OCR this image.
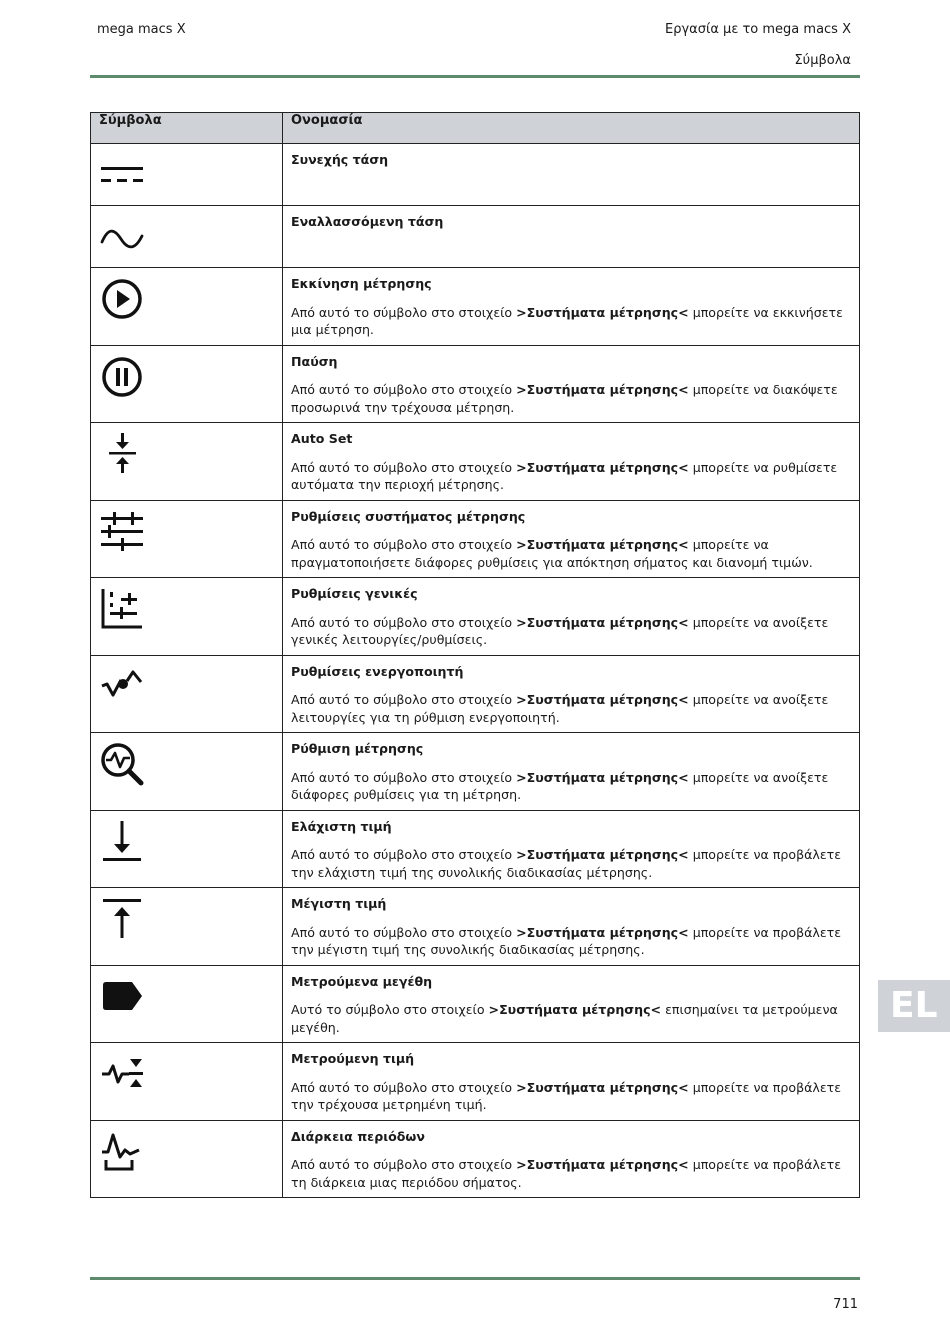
mega macs X	Εργασία με το mega macs X
Σύμβολα
Σύμβολα	Ονομασία

Συνεχής τάση

Εναλλασσόμενη τάση

Εκκίνηση μέτρησης
Από αυτό το σύμβολο στο στοιχείο >Συστήματα μέτρησης< μπορείτε να εκκινήσετε μια μέτρηση.

Παύση
Από αυτό το σύμβολο στο στοιχείο >Συστήματα μέτρησης< μπορείτε να διακόψετε προσωρινά την τρέχουσα μέτρηση.

Auto Set
Από αυτό το σύμβολο στο στοιχείο >Συστήματα μέτρησης< μπορείτε να ρυθμίσετε αυτόματα την περιοχή μέτρησης.

Ρυθμίσεις συστήματος μέτρησης
Από αυτό το σύμβολο στο στοιχείο >Συστήματα μέτρησης< μπορείτε να πραγματοποιήσετε διάφορες ρυθμίσεις για απόκτηση σήματος και διανομή τιμών.

Ρυθμίσεις γενικές
Από αυτό το σύμβολο στο στοιχείο >Συστήματα μέτρησης< μπορείτε να ανοίξετε γενικές λειτουργίες/ρυθμίσεις.

Ρυθμίσεις ενεργοποιητή
Από αυτό το σύμβολο στο στοιχείο >Συστήματα μέτρησης< μπορείτε να ανοίξετε λειτουργίες για τη ρύθμιση ενεργοποιητή.

Ρύθμιση μέτρησης
Από αυτό το σύμβολο στο στοιχείο >Συστήματα μέτρησης< μπορείτε να ανοίξετε διάφορες ρυθμίσεις για τη μέτρηση.

Ελάχιστη τιμή
Από αυτό το σύμβολο στο στοιχείο >Συστήματα μέτρησης< μπορείτε να προβάλετε την ελάχιστη τιμή της συνολικής διαδικασίας μέτρησης.

Μέγιστη τιμή
Από αυτό το σύμβολο στο στοιχείο >Συστήματα μέτρησης< μπορείτε να προβάλετε την μέγιστη τιμή της συνολικής διαδικασίας μέτρησης.

Μετρούμενα μεγέθη
Αυτό το σύμβολο στο στοιχείο >Συστήματα μέτρησης< επισημαίνει τα μετρούμενα μεγέθη.

Μετρούμενη τιμή
Από αυτό το σύμβολο στο στοιχείο >Συστήματα μέτρησης< μπορείτε να προβάλετε την τρέχουσα μετρημένη τιμή.

Διάρκεια περιόδων
Από αυτό το σύμβολο στο στοιχείο >Συστήματα μέτρησης< μπορείτε να προβάλετε τη διάρκεια μιας περιόδου σήματος.
EL
711
